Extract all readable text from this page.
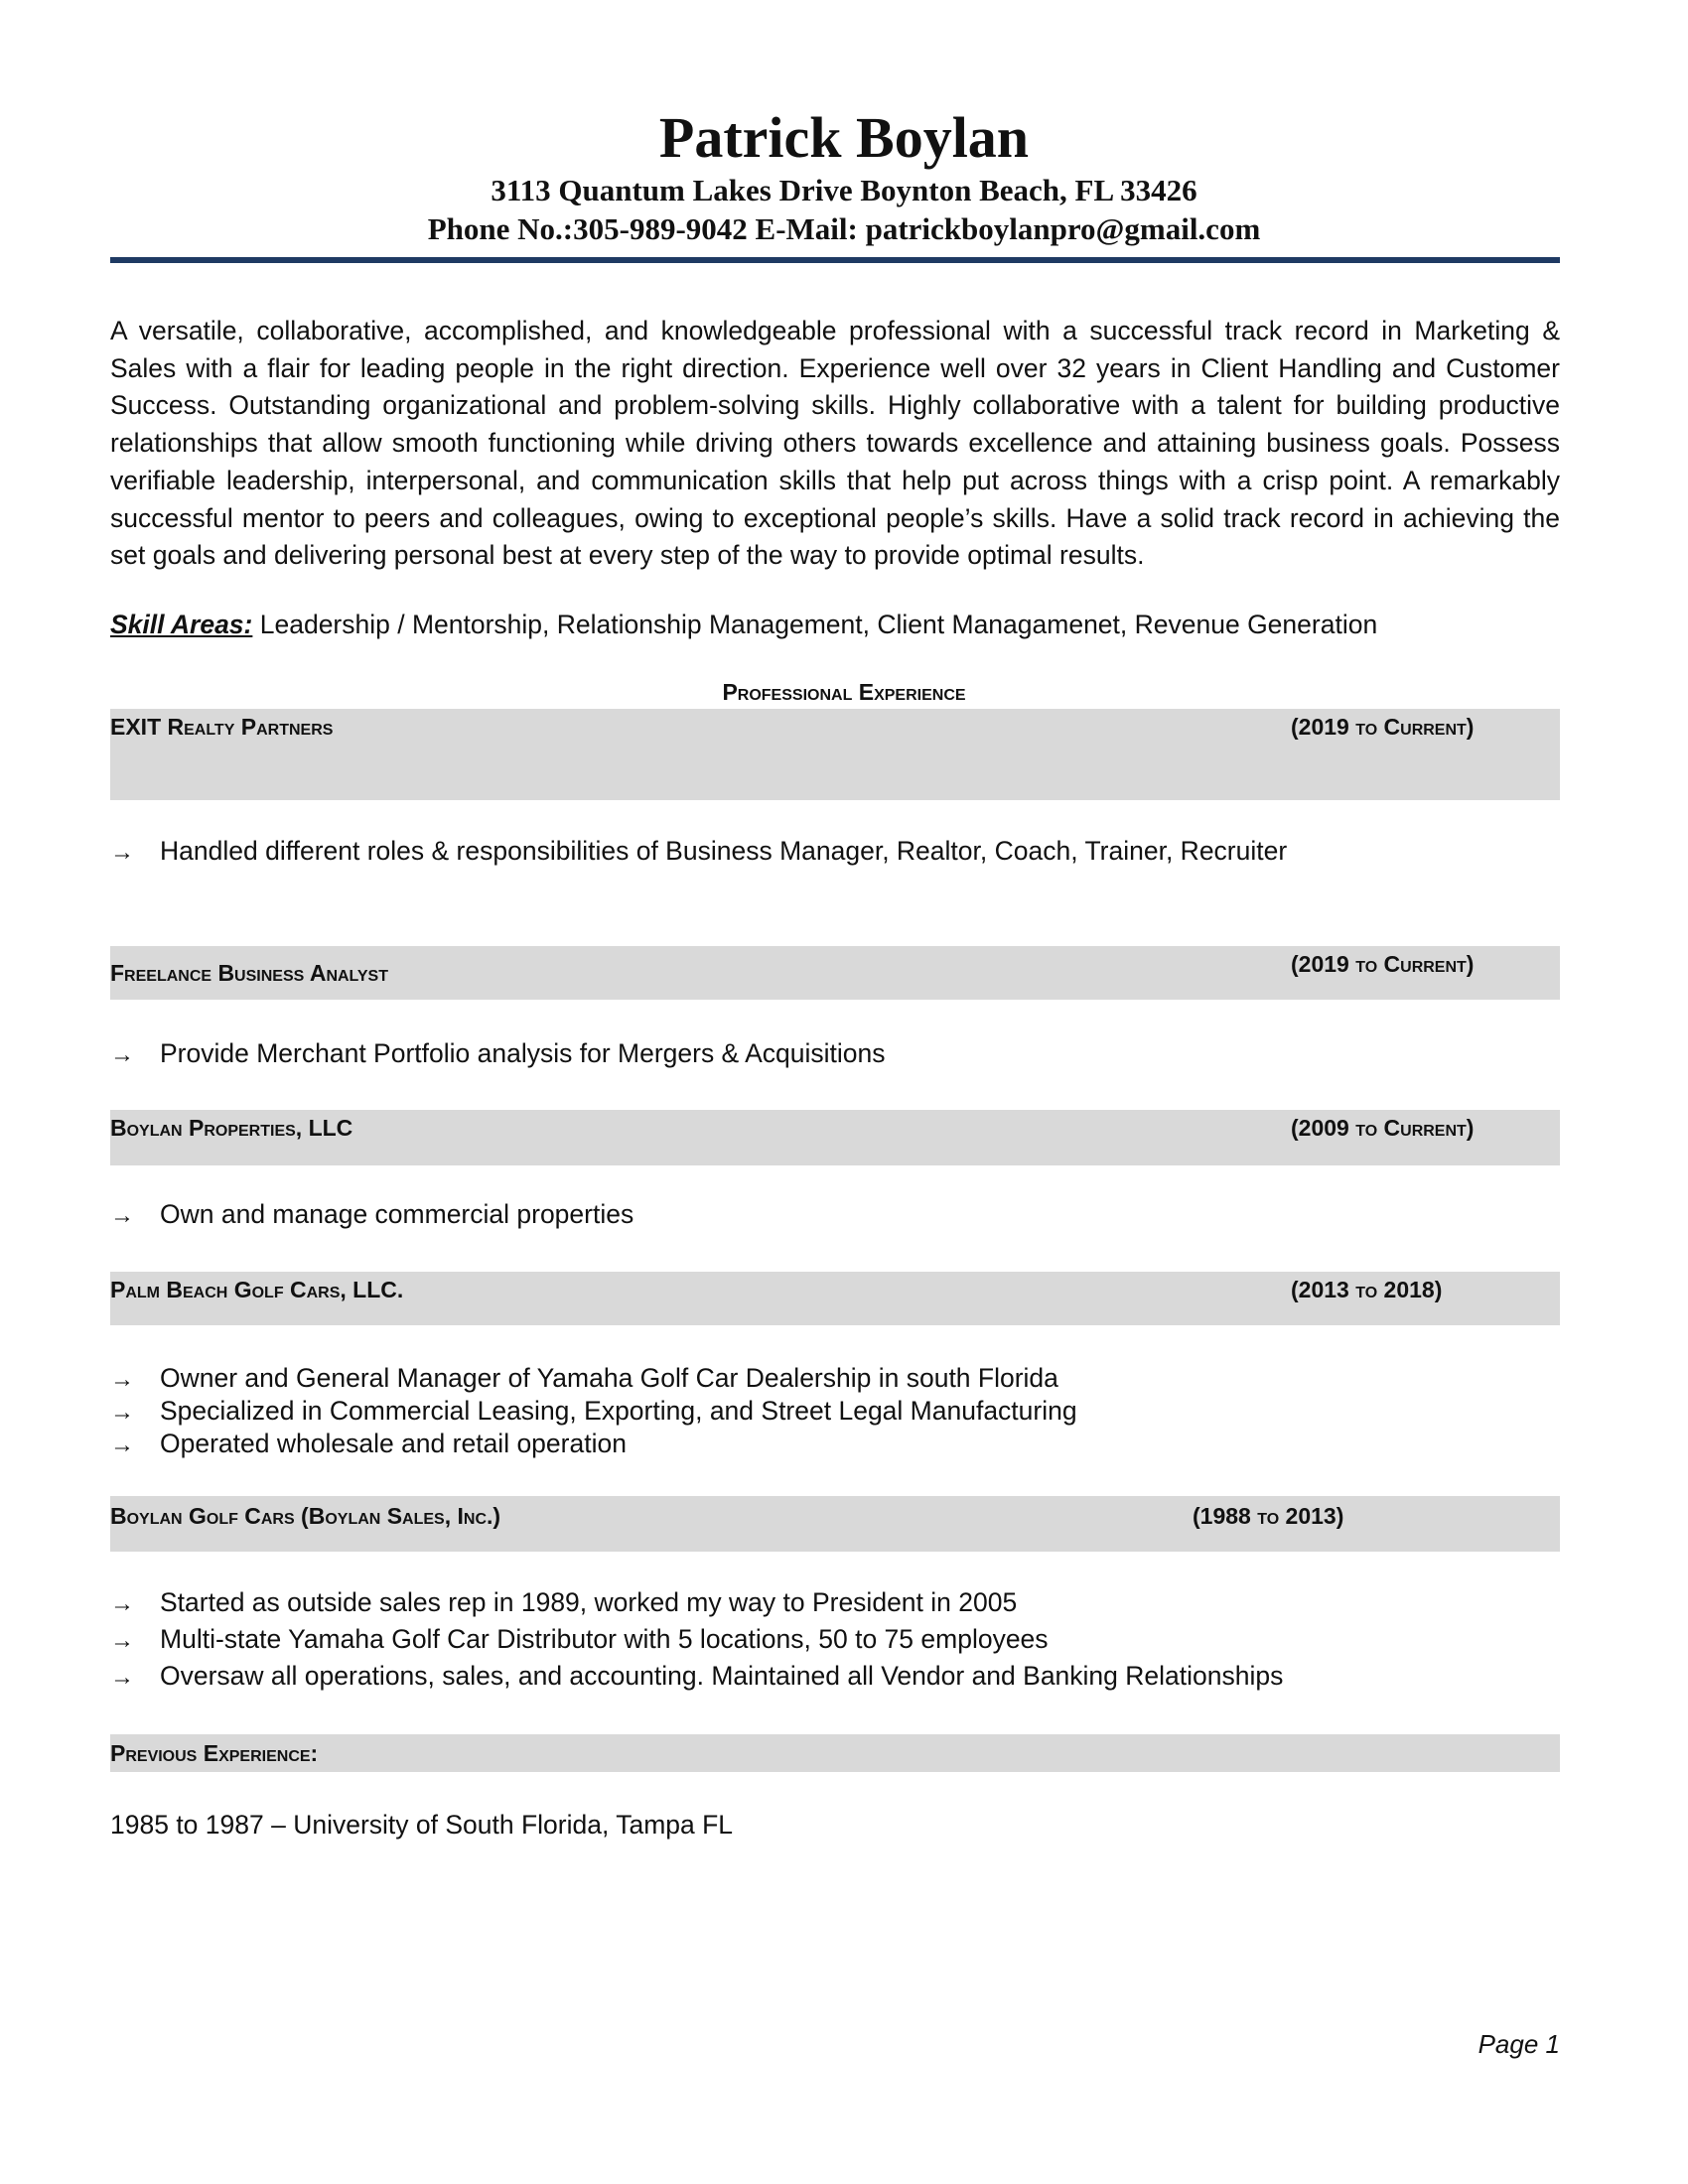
Patrick Boylan
3113 Quantum Lakes Drive Boynton Beach, FL 33426
Phone No.:305-989-9042 E-Mail: patrickboylanpro@gmail.com
A versatile, collaborative, accomplished, and knowledgeable professional with a successful track record in Marketing & Sales with a flair for leading people in the right direction. Experience well over 32 years in Client Handling and Customer Success. Outstanding organizational and problem-solving skills. Highly collaborative with a talent for building productive relationships that allow smooth functioning while driving others towards excellence and attaining business goals. Possess verifiable leadership, interpersonal, and communication skills that help put across things with a crisp point. A remarkably successful mentor to peers and colleagues, owing to exceptional people’s skills. Have a solid track record in achieving the set goals and delivering personal best at every step of the way to provide optimal results.
Skill Areas: Leadership / Mentorship, Relationship Management, Client Managamenet, Revenue Generation
Professional Experience
EXIT Realty Partners	(2019 to Current)
→ Handled different roles & responsibilities of Business Manager, Realtor, Coach, Trainer, Recruiter
Freelance Business Analyst	(2019 to Current)
→ Provide Merchant Portfolio analysis for Mergers & Acquisitions
Boylan Properties, LLC	(2009 to Current)
→ Own and manage commercial properties
Palm Beach Golf Cars, LLC.	(2013 to 2018)
→ Owner and General Manager of Yamaha Golf Car Dealership in south Florida
→ Specialized in Commercial Leasing, Exporting, and Street Legal Manufacturing
→ Operated wholesale and retail operation
Boylan Golf Cars (Boylan Sales, Inc.)	(1988 to 2013)
→ Started as outside sales rep in 1989, worked my way to President in 2005
→ Multi-state Yamaha Golf Car Distributor with 5 locations, 50 to 75 employees
→ Oversaw all operations, sales, and accounting. Maintained all Vendor and Banking Relationships
Previous Experience:
1985 to 1987 – University of South Florida, Tampa FL
Page 1
